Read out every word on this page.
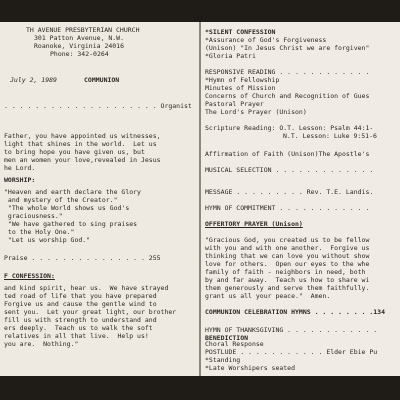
TH AVENUE PRESBYTERIAN CHURCH
301 Patton Avenue, N.W.
Roanoke, Virginia 24016
Phone: 342-0264
July 2, 1989	COMMUNION
. . . . . . . . . . . . . . . . . . . . Organist
Father, you have appointed us witnesses,
light that shines in the world.  Let us
to bring hope you have given us, but
men an women your love,revealed in Jesus
he Lord.
WORSHIP:
"Heaven and earth declare the Glory
and mystery of the Creator."
"The whole World shows us God's
graciousness."
"We have gathered to sing praises
to the Holy One."
"Let us worship God."
Praise . . . . . . . . . . . . . . . 255
F CONFESSION:
and kind spirit, hear us.  We have strayed
ted road of life that you have prepared
Forgive us and cause the gentle wind to
sent you.  Let your great light, our brother
fill us with strength to understand and
ers deeply.  Teach us to walk the soft
relatives in all that live.  Help us!
you are.  Nothing."
*SILENT CONFESSION
*Assurance of God's Forgiveness
(Unison) "In Jesus Christ we are forgiven"
*Gloria Patri
RESPONSIVE READING . . . . . . . . . . . .
*Hymn of Fellowship
Minutes of Mission
Concerns of Church and Recognition of Gues
Pastoral Prayer
The Lord's Prayer (Unison)
Scripture Reading: O.T. Lesson: Psalm 44:1-
N.T. Lesson: Luke 9:51-6
Affirmation of Faith (Unison)The Apostle's
MUSICAL SELECTION . . . . . . . . . . . . .
MESSAGE . . . . . . . . . Rev. T.E. Landis.
HYMN OF COMMITMENT . . . . . . . . . . . .
OFFERTORY PRAYER (Unison)
"Gracious God, you created us to be fellow
with you and with one another.  Forgive us
thinking that we can love you without show
love for others.  Open our eyes to the whe
family of faith - neighbors in need, both
by and far away.  Teach us how to share wi
them generously and serve them faithfully.
grant us all your peace."  Amen.
COMMUNION CELEBRATION HYMNS . . . . . . . .134
HYMN OF THANKSGIVING . . . . . . . . . . . .
BENEDICTION
Choral Response
POSTLUDE . . . . . . . . . . . Elder Ebie Pu
*Standing
*Late Worshipers seated
